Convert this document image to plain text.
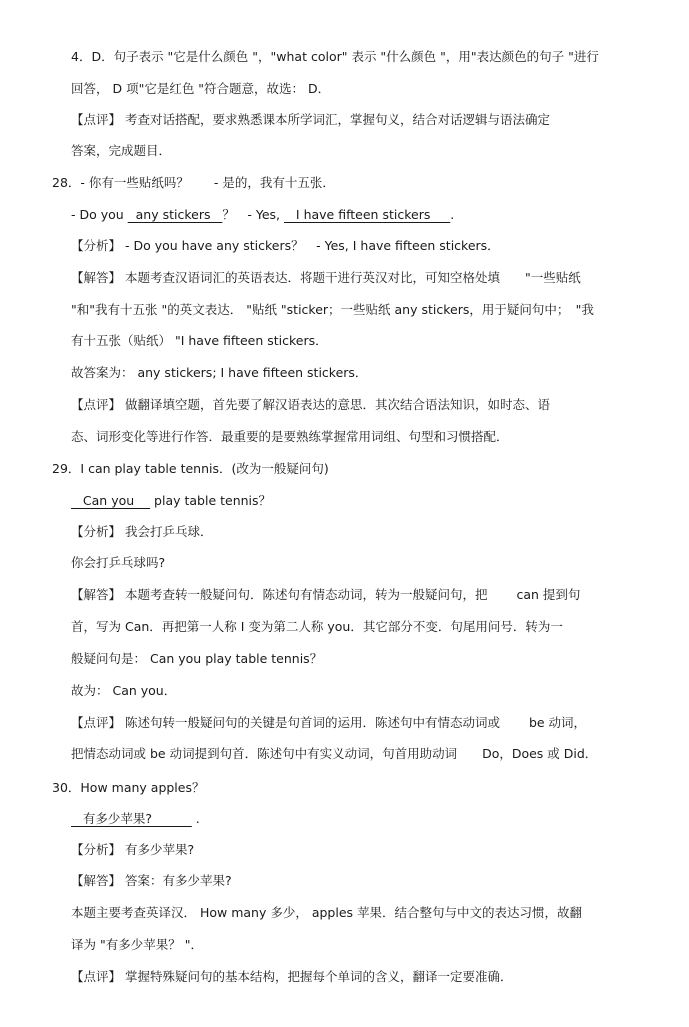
4．D．句子表示 "它是什么颜色 "，"what color" 表示 "什么颜色 "，用"表达颜色的句子 "进行
回答， D 项"它是红色 "符合题意，故选： D．
【点评】 考查对话搭配，要求熟悉课本所学词汇，掌握句义，结合对话逻辑与语法确定
答案，完成题目．
28．- 你有一些贴纸吗？　　- 是的，我有十五张．
- Do you   any stickers   ？　- Yes,    I have fifteen stickers     .
【分析】 - Do you have any stickers？　- Yes, I have fifteen stickers．
【解答】 本题考查汉语词汇的英语表达．将题干进行英汉对比，可知空格处填　　"一些贴纸
"和"我有十五张 "的英文表达． "贴纸 "sticker；一些贴纸 any stickers，用于疑问句中；　"我
有十五张（贴纸） "I have fifteen stickers．
故答案为： any stickers; I have fifteen stickers．
【点评】 做翻译填空题，首先要了解汉语表达的意思．其次结合语法知识，如时态、语
态、词形变化等进行作答．最重要的是要熟练掌握常用词组、句型和习惯搭配．
29．I can play table tennis．(改为一般疑问句)
Can you     play table tennis？
【分析】 我会打乒乓球．
你会打乒乓球吗?
【解答】 本题考查转一般疑问句．陈述句有情态动词，转为一般疑问句，把　　 can 提到句
首，写为 Can．再把第一人称 I 变为第二人称 you．其它部分不变．句尾用问号．转为一
般疑问句是： Can you play table tennis？
故为： Can you．
【点评】 陈述句转一般疑问句的关键是句首词的运用．陈述句中有情态动词或　　 be 动词，
把情态动词或 be 动词提到句首．陈述句中有实义动词，句首用助动词　　Do，Does 或 Did．
30．How many apples？
有多少苹果?           .
【分析】 有多少苹果?
【解答】 答案：有多少苹果?
本题主要考查英译汉． How many 多少， apples 苹果．结合整句与中文的表达习惯，故翻
译为 "有多少苹果？ "．
【点评】 掌握特殊疑问句的基本结构，把握每个单词的含义，翻译一定要准确．
